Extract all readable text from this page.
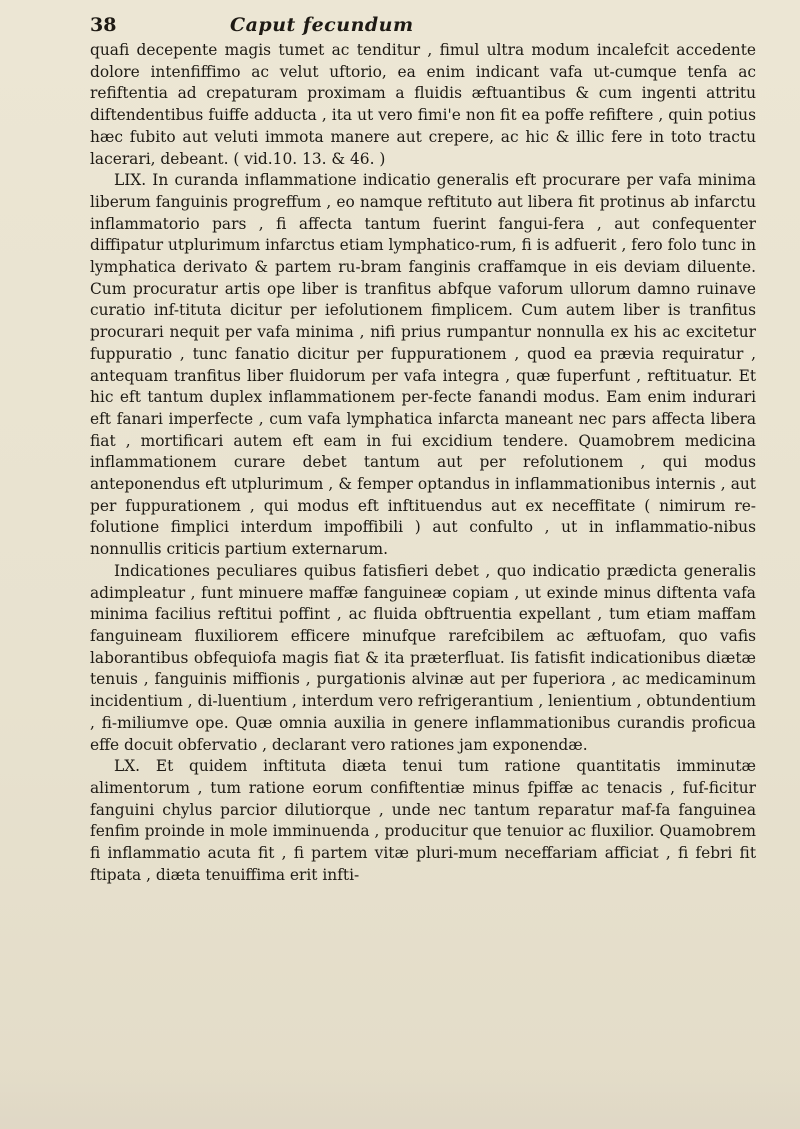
38	Caput fecundum

quafi decepente magis tumet ac tenditur , fimul ultra modum incalefcit accedente dolore intenfiffimo ac velut uftorio, ea enim indicant vafa ut-cumque tenfa ac refiftentia ad crepaturam proximam a fluidis æftuantibus & cum ingenti attritu diftendentibus fuiffe adducta , ita ut vero fimi'e non fit ea poffe refiftere , quin potius hæc fubito aut veluti immota manere aut crepere, ac hic & illic fere in toto tractu lacerari, debeant. ( vid.10. 13. & 46. )

LIX. In curanda inflammatione indicatio generalis eft procurare per vafa minima liberum fanguinis progreffum , eo namque reftituto aut libera fit protinus ab infarctu inflammatorio pars , fi affecta tantum fuerint fangui-fera , aut confequenter diffipatur utplurimum infarctus etiam lymphatico-rum, fi is adfuerit , fero folo tunc in lymphatica derivato & partem ru-bram fanginis craffamque in eis deviam diluente. Cum procuratur artis ope liber is tranfitus abfque vaforum ullorum damno ruinave curatio inf-tituta dicitur per iefolutionem fimplicem. Cum autem liber is tranfitus procurari nequit per vafa minima , nifi prius rumpantur nonnulla ex his ac excitetur fuppuratio , tunc fanatio dicitur per fuppurationem , quod ea prævia requiratur , antequam tranfitus liber fluidorum per vafa integra , quæ fuperfunt , reftituatur. Et hic eft tantum duplex inflammationem per-fecte fanandi modus. Eam enim indurari eft fanari imperfecte , cum vafa lymphatica infarcta maneant nec pars affecta libera fiat , mortificari autem eft eam in fui excidium tendere. Quamobrem medicina inflammationem curare debet tantum aut per refolutionem , qui modus anteponendus eft utplurimum , & femper optandus in inflammationibus internis , aut per fuppurationem , qui modus eft inftituendus aut ex neceffitate ( nimirum re-folutione fimplici interdum impoffibili ) aut confulto , ut in inflammatio-nibus nonnullis criticis partium externarum.

Indicationes peculiares quibus fatisfieri debet , quo indicatio prædicta generalis adimpleatur , funt minuere maffæ fanguineæ copiam , ut exinde minus diftenta vafa minima facilius reftitui poffint , ac fluida obftruentia expellant , tum etiam maffam fanguineam fluxiliorem efficere minufque rarefcibilem ac æftuofam, quo vafis laborantibus obfequiofa magis fiat & ita præterfluat. Iis fatisfit indicationibus diætæ tenuis , fanguinis miffionis , purgationis alvinæ aut per fuperiora , ac medicaminum incidentium , di-luentium , interdum vero refrigerantium , lenientium , obtundentium , fi-miliumve ope. Quæ omnia auxilia in genere inflammationibus curandis proficua effe docuit obfervatio , declarant vero rationes jam exponendæ.

LX. Et quidem inftituta diæta tenui tum ratione quantitatis imminutæ alimentorum , tum ratione eorum confiftentiæ minus fpiffæ ac tenacis , fuf-ficitur fanguini chylus parcior dilutiorque , unde nec tantum reparatur maf-fa fanguinea fenfim proinde in mole imminuenda , producitur que tenuior ac fluxilior. Quamobrem fi inflammatio acuta fit , fi partem vitæ pluri-mum neceffariam afficiat , fi febri fit ftipata , diæta tenuiffima erit infti-
